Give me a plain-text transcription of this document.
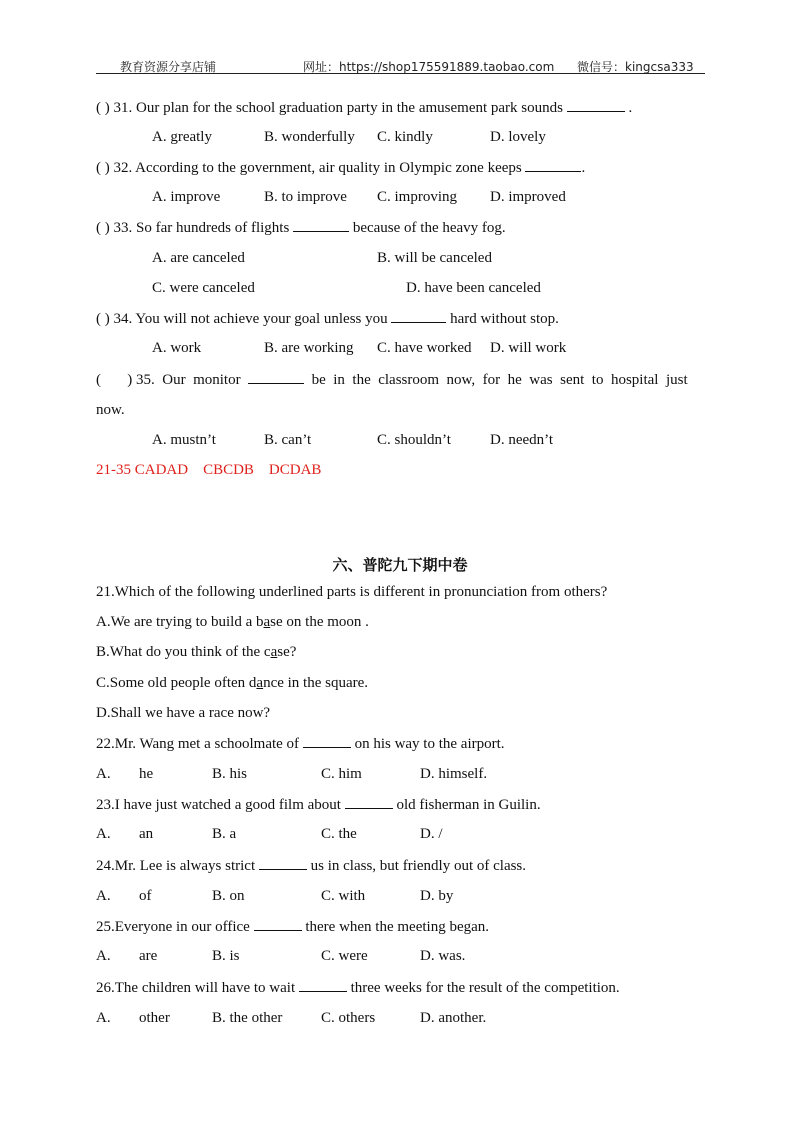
教育资源分享店铺	网址：https://shop175591889.taobao.com 微信号：kingcsa333
( ) 31. Our plan for the school graduation party in the amusement park sounds	.
A. greatly	B. wonderfully C. kindly	D. lovely
( ) 32. According to the government, air quality in Olympic zone keeps	.
A. improve	B. to improve C. improving D. improved
( ) 33. So far hundreds of flights	because of the heavy fog.
A. are canceled	B. will be canceled
C. were canceled	D. have been canceled
( ) 34. You will not achieve your goal unless you	hard without stop.
A. work	B. are working C. have worked D. will work
(       ) 35.  Our  monitor	be  in  the  classroom  now,  for  he  was  sent  to  hospital  just
now.
A. mustn’t	B. can’t	C. shouldn’t	D. needn’t
21-35 CADAD    CBCDB    DCDAB
六、普陀九下期中卷
21.Which of the following underlined parts is different in pronunciation from others?
A.We are trying to build a base on the moon .
B.What do you think of the case?
C.Some old people often dance in the square.
D.Shall we have a race now?
22.Mr. Wang met a schoolmate of	on his way to the airport.
A. he	B. his	C. him	D. himself.
23.I have just watched a good film about	old fisherman in Guilin.
A. an	B. a	C. the	D. /
24.Mr. Lee is always strict	us in class, but friendly out of class.
A. of	B. on	C. with	D. by
25.Everyone in our office	there when the meeting began.
A. are	B. is	C. were	D. was.
26.The children will have to wait	three weeks for the result of the competition.
A. other	B. the other	C. others	D. another.
